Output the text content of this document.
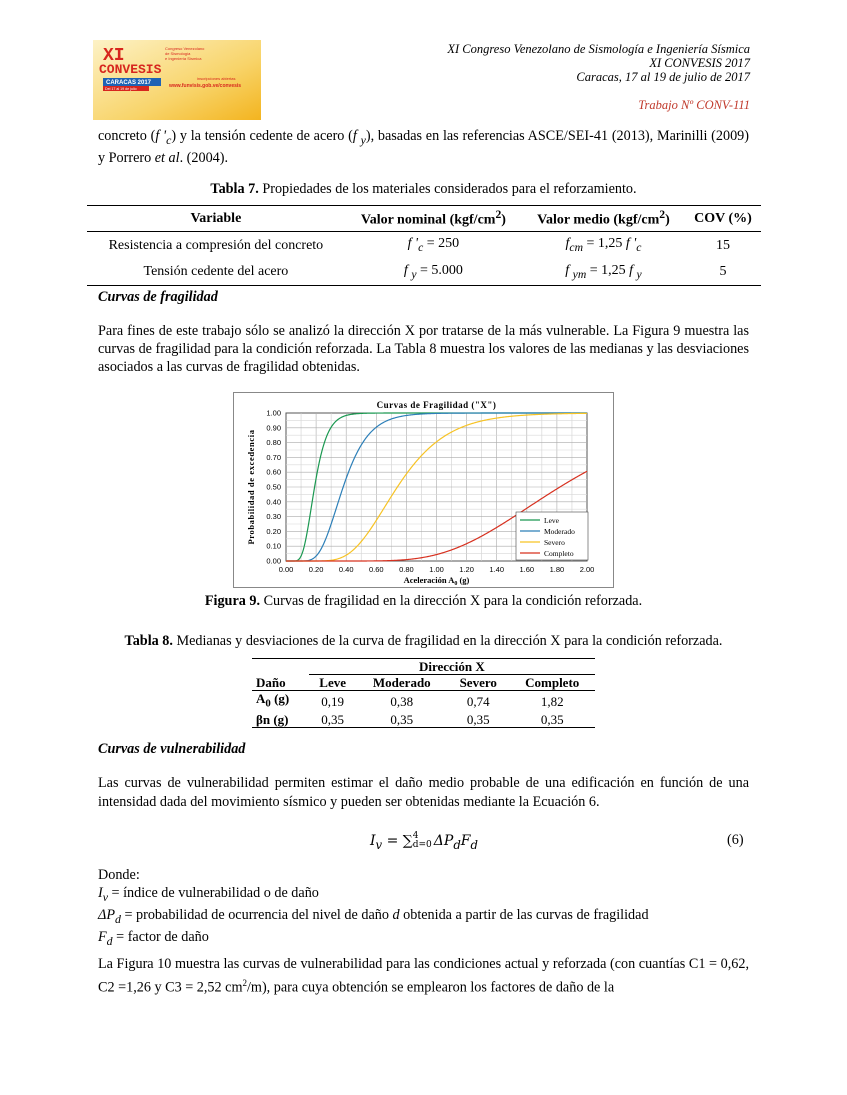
XI
CONVESIS
Congreso Venezolano
de Sismología
e Ingeniería Sísmica
CARACAS 2017
Del 17 al 19 de julio
inscripciones abiertas
www.funvisis.gob.ve/convesis
XI Congreso Venezolano de Sismología e Ingeniería Sísmica
XI CONVESIS 2017
Caracas, 17 al 19 de julio de 2017
Trabajo Nº CONV-111
concreto (f '$_c$) y la tensión cedente de acero (f $_y$), basadas en las referencias ASCE/SEI-41 (2013), Marinilli (2009) y Porrero et al. (2004).
Tabla 7. Propiedades de los materiales considerados para el reforzamiento.
Variable	Valor nominal $(kgf/cm^2)$	Valor medio $(kgf/cm^2)$	COV (%)
Resistencia a compresión del concreto	f '$_c = 250$	$f_{cm} = 1,25$ f '$_c$	15
Tensión cedente del acero	f $_y$ = 5.000	f $_{ym}$ = 1,25 f $_y$	5
Curvas de fragilidad
Para fines de este trabajo sólo se analizó la dirección X por tratarse de la más vulnerable. La Figura 9 muestra las curvas de fragilidad para la condición reforzada. La Tabla 8 muestra los valores de las medianas y las desviaciones asociados a las curvas de fragilidad obtenidas.
0.00 0.20 0.40 0.60 0.80 1.00 1.20 1.40 1.60 1.80 2.00
0.00
0.10
0.20
0.30
0.40
0.50
0.60
0.70
0.80
0.90
1.00
Curvas de Fragilidad ("X")
Aceleración $A_0$ (g)
Probabilidad de excedencia	Leve
Moderado
Severo
Completo
Figura 9. Curvas de fragilidad en la dirección X para la condición reforzada.
Tabla 8. Medianas y desviaciones de la curva de fragilidad en la dirección X para la condición reforzada.
	Dirección X			
Daño	Leve	Moderado	Severo	Completo
$A_0$ (g)	0,19	0,38	0,74	1,82
βn (g)	0,35	0,35	0,35	0,35
Curvas de vulnerabilidad
Las curvas de vulnerabilidad permiten estimar el daño medio probable de una edificación en función de una intensidad dada del movimiento sísmico y pueden ser obtenidas mediante la Ecuación 6.
$I_v$ = ∑ 4
d=0 $\Delta P_dF_d$	(6)
Donde:
$I_v$ = índice de vulnerabilidad o de daño
$\Delta P_d$ = probabilidad de ocurrencia del nivel de daño d obtenida a partir de las curvas de fragilidad
$F_d$ = factor de daño
La Figura 10 muestra las curvas de vulnerabilidad para las condiciones actual y reforzada (con cuantías C1 = 0,62, C2 =1,26 y C3 = 2,52 $cm^2/m$), para cuya obtención se emplearon los factores de daño de la
